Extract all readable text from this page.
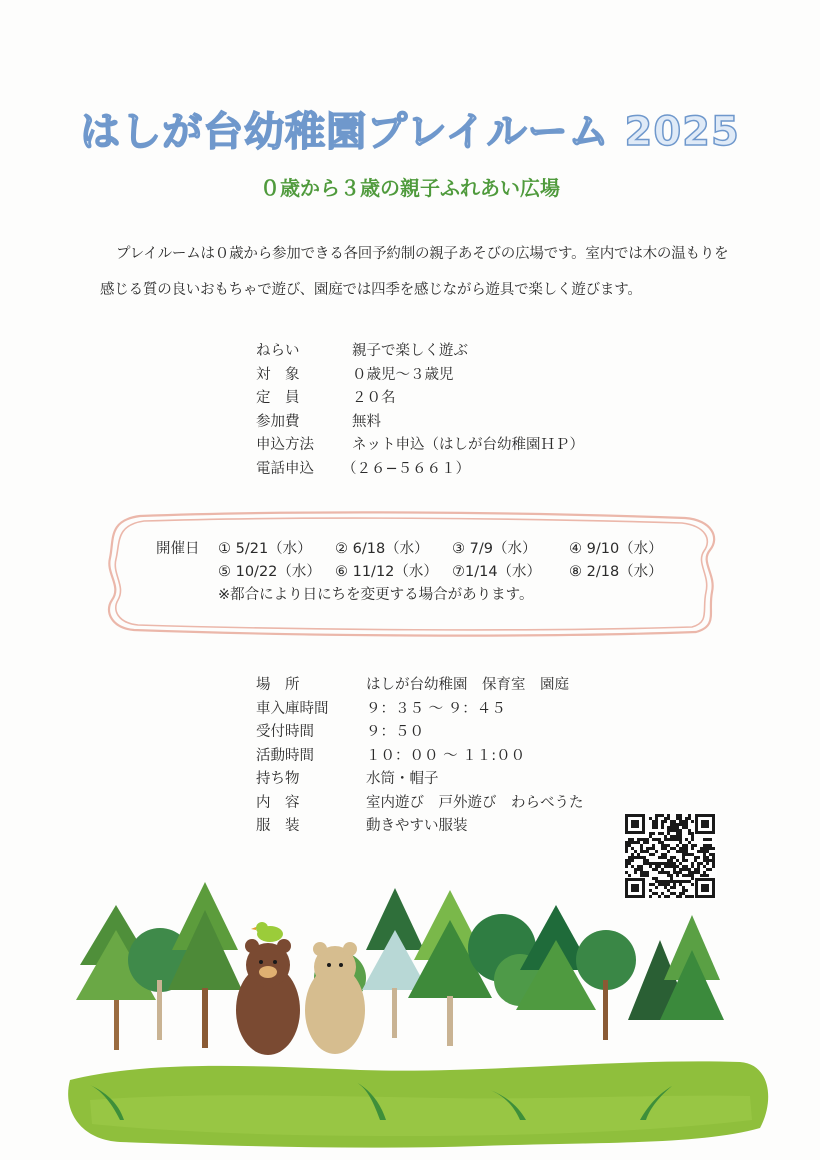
はしが台幼稚園プレイルーム 2025
０歳から３歳の親子ふれあい広場

プレイルームは０歳から参加できる各回予約制の親子あそびの広場です。室内では木の温もりを

感じる質の良いおもちゃで遊び、園庭では四季を感じながら遊具で楽しく遊びます。

ねらい	親子で楽しく遊ぶ
対　象	０歳児〜３歳児
定　員	２０名
参加費	無料
申込方法	ネット申込（はしが台幼稚園ＨＰ）
電話申込	（２６−５６６１）
開催日	① 5/21（水）	② 6/18（水）	③ 7/9（水）	④ 9/10（水）
⑤ 10/22（水） ⑥ 11/12（水） ⑦1/14（水）	⑧ 2/18（水）
※都合により日にちを変更する場合があります。
場　所	はしが台幼稚園　保育室　園庭
車入庫時間	９：３５ 〜 ９：４５
受付時間	９：５０
活動時間	１０：００ 〜 １１:００
持ち物	水筒・帽子
内　容	室内遊び　戸外遊び　わらべうた
服　装	動きやすい服装
